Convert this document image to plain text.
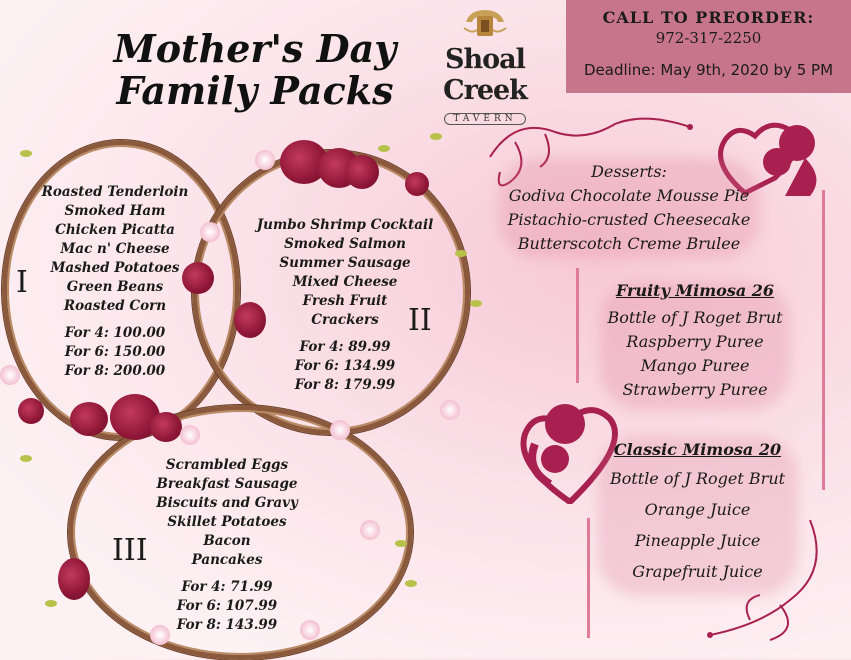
Mother's Day
Family Packs
Shoal Creek
TAVERN
CALL TO PREORDER:
972-317-2250
Deadline: May 9th, 2020 by 5 PM
I
Roasted Tenderloin
Smoked Ham
Chicken Picatta
Mac n' Cheese
Mashed Potatoes
Green Beans
Roasted Corn
For 4: 100.00
For 6: 150.00
For 8: 200.00
II
Jumbo Shrimp Cocktail
Smoked Salmon
Summer Sausage
Mixed Cheese
Fresh Fruit
Crackers
For 4: 89.99
For 6: 134.99
For 8: 179.99
III
Scrambled Eggs
Breakfast Sausage
Biscuits and Gravy
Skillet Potatoes
Bacon
Pancakes
For 4: 71.99
For 6: 107.99
For 8: 143.99
Desserts:
Godiva Chocolate Mousse Pie
Pistachio-crusted Cheesecake
Butterscotch Creme Brulee
Fruity Mimosa 26
Bottle of J Roget Brut
Raspberry Puree
Mango Puree
Strawberry Puree
Classic Mimosa 20
Bottle of J Roget Brut
Orange Juice
Pineapple Juice
Grapefruit Juice
